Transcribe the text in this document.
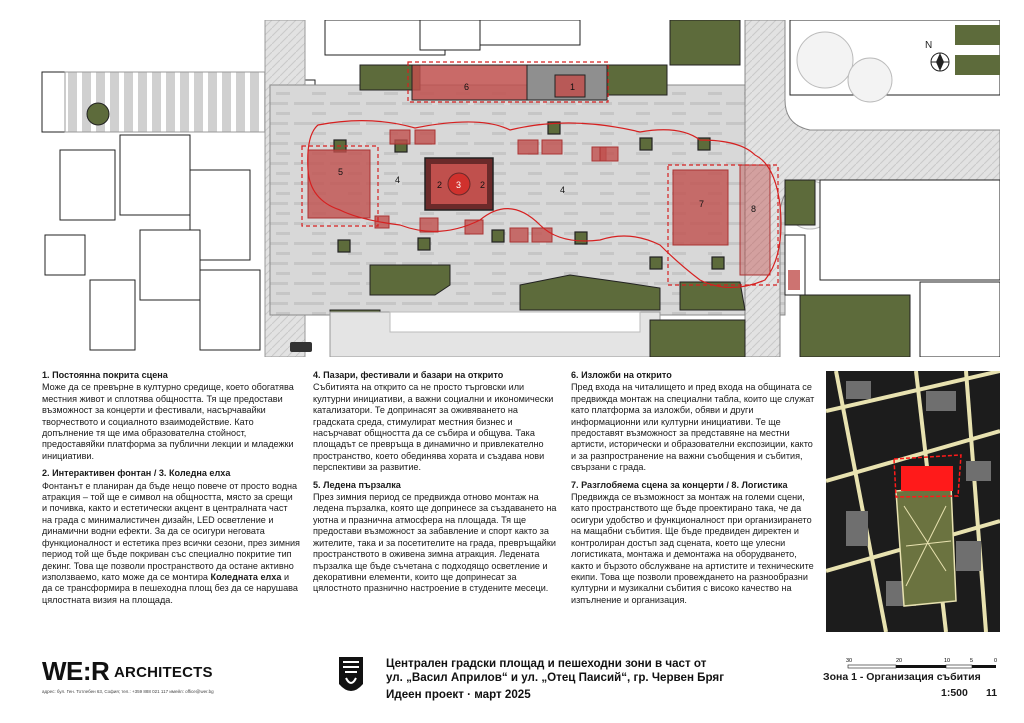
N
1
2 3 2
4
4
5
6
7	8
1. Постоянна покрита сцена

Може да се превърне в културно средище, което обогатява местния живот и сплотява общността. Тя ще предостави възможност за концерти и фестивали, насърчавайки творчеството и социалното взаимодействие. Като допълнение тя ще има образователна стойност, предоставяйки платформа за публични лекции и младежки инициативи.

2. Интерактивен фонтан / 3. Коледна елха

Фонтанът е планиран да бъде нещо повече от просто водна атракция – той ще е символ на общността, място за срещи и почивка, както и естетически акцент в централната част на града с минималистичен дизайн, LED осветление и динамични водни ефекти. За да се осигури неговата функционалност и естетика през всички сезони, през зимния период той ще бъде покриван със специално покритие тип декинг. Това ще позволи пространството да остане активно използваемо, като може да се монтира Коледната елха и да се трансформира в пешеходна площ без да се нарушава цялостната визия на площада.

4. Пазари, фестивали и базари на открито

Събитията на открито са не просто търговски или културни инициативи, а важни социални и икономически катализатори. Те допринасят за оживяването на градската среда, стимулират местния бизнес и насърчават общността да се събира и общува. Така площадът се превръща в динамично и привлекателно пространство, което обединява хората и създава нови перспективи за развитие.

5. Ледена пързалка

През зимния период се предвижда отново монтаж на ледена пързалка, която ще допринесе за създаването на уютна и празнична атмосфера на площада. Тя ще предостави възможност за забавление и спорт както за жителите, така и за посетителите на града, превръщайки пространството в оживена зимна атракция. Ледената пързалка ще бъде съчетана с подходящо осветление и декоративни елементи, които ще допринесат за цялостното празнично настроение в студените месеци.

6. Изложби на открито

Пред входа на читалището и пред входа на общината се предвижда монтаж на специални табла, които ще служат като платформа за изложби, обяви и други информационни или културни инициативи. Те ще предоставят възможност за представяне на местни артисти, исторически и образователни експозиции, както и за разпространение на важни съобщения и събития, свързани с града.

7. Разглобяема сцена за концерти / 8. Логистика

Предвижда се възможност за монтаж на големи сцени, като пространството ще бъде проектирано така, че да осигури удобство и функционалност при организирането на мащабни събития. Ще бъде предвиден директен и контролиран достъп зад сцената, което ще улесни логистиката, монтажа и демонтажа на оборудването, както и бързото обслужване на артистите и техническите екипи. Това ще позволи провеждането на разнообразни културни и музикални събития с високо качество на изпълнение и организация.

WE:R ARCHITECTS
адрес: бул. Ген. Тотлебен 63, София; тел.: +359 888 021 117 имейл: office@wer.bg
Централен градски площад и пешеходни зони в част от
ул. „Васил Априлов“ и ул. „Отец Паисий“, гр. Червен Бряг
Идеен проект · март 2025
30	20	10	5	0
Зона 1 - Организация събития
1:500 11
